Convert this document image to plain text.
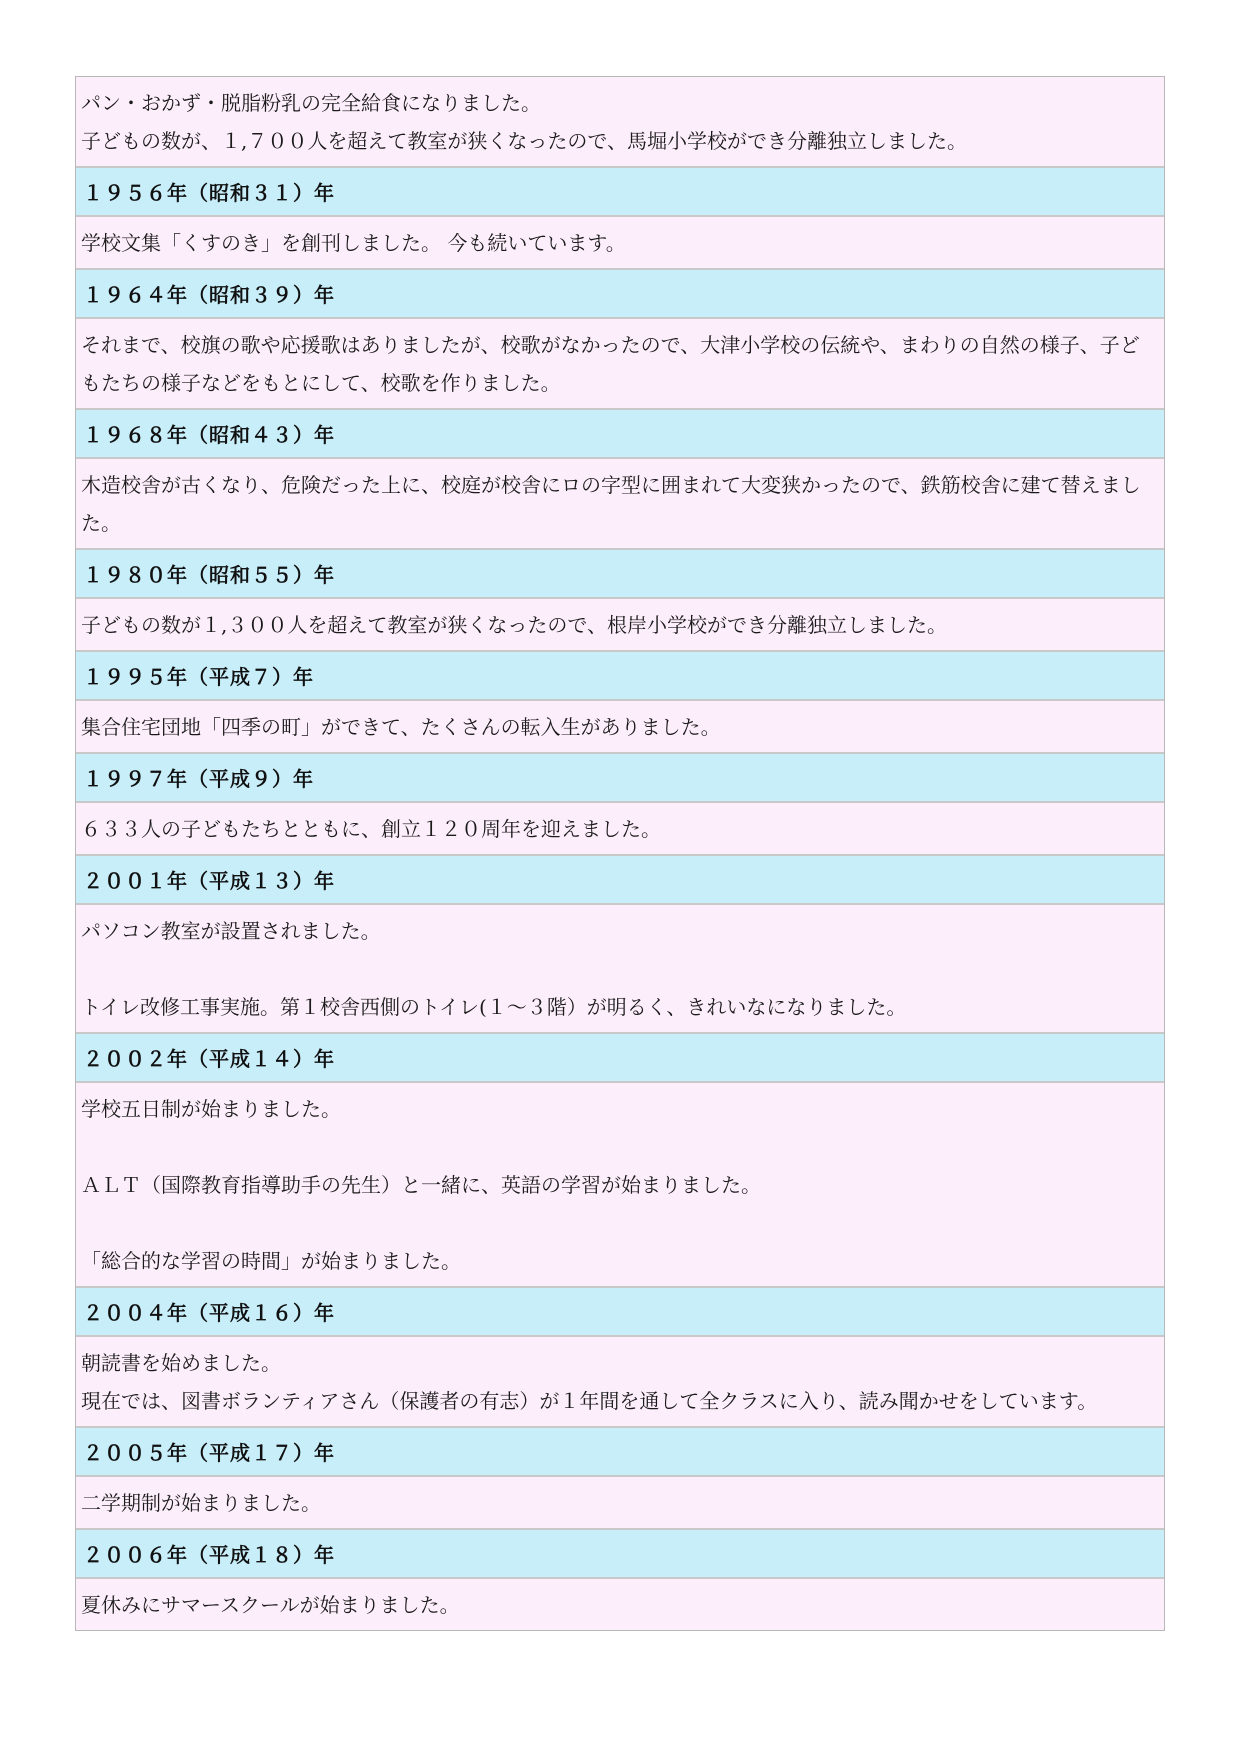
パン・おかず・脱脂粉乳の完全給食になりました。

子どもの数が、１,７００人を超えて教室が狭くなったので、馬堀小学校ができ分離独立しました。

１９５６年（昭和３１）年

学校文集「くすのき」を創刊しました。 今も続いています。

１９６４年（昭和３９）年

それまで、校旗の歌や応援歌はありましたが、校歌がなかったので、大津小学校の伝統や、まわりの自然の様子、子どもたちの様子などをもとにして、校歌を作りました。

１９６８年（昭和４３）年

木造校舎が古くなり、危険だった上に、校庭が校舎にロの字型に囲まれて大変狭かったので、鉄筋校舎に建て替えました。

１９８０年（昭和５５）年

子どもの数が１,３００人を超えて教室が狭くなったので、根岸小学校ができ分離独立しました。

１９９５年（平成７）年

集合住宅団地「四季の町」ができて、たくさんの転入生がありました。

１９９７年（平成９）年

６３３人の子どもたちとともに、創立１２０周年を迎えました。

２００１年（平成１３）年

パソコン教室が設置されました。

トイレ改修工事実施。第１校舎西側のトイレ(１～３階）が明るく、きれいなになりました。

２００２年（平成１４）年

学校五日制が始まりました。

ＡＬＴ（国際教育指導助手の先生）と一緒に、英語の学習が始まりました。

「総合的な学習の時間」が始まりました。

２００４年（平成１６）年

朝読書を始めました。

現在では、図書ボランティアさん（保護者の有志）が１年間を通して全クラスに入り、読み聞かせをしています。

２００５年（平成１７）年

二学期制が始まりました。

２００６年（平成１８）年

夏休みにサマースクールが始まりました。
